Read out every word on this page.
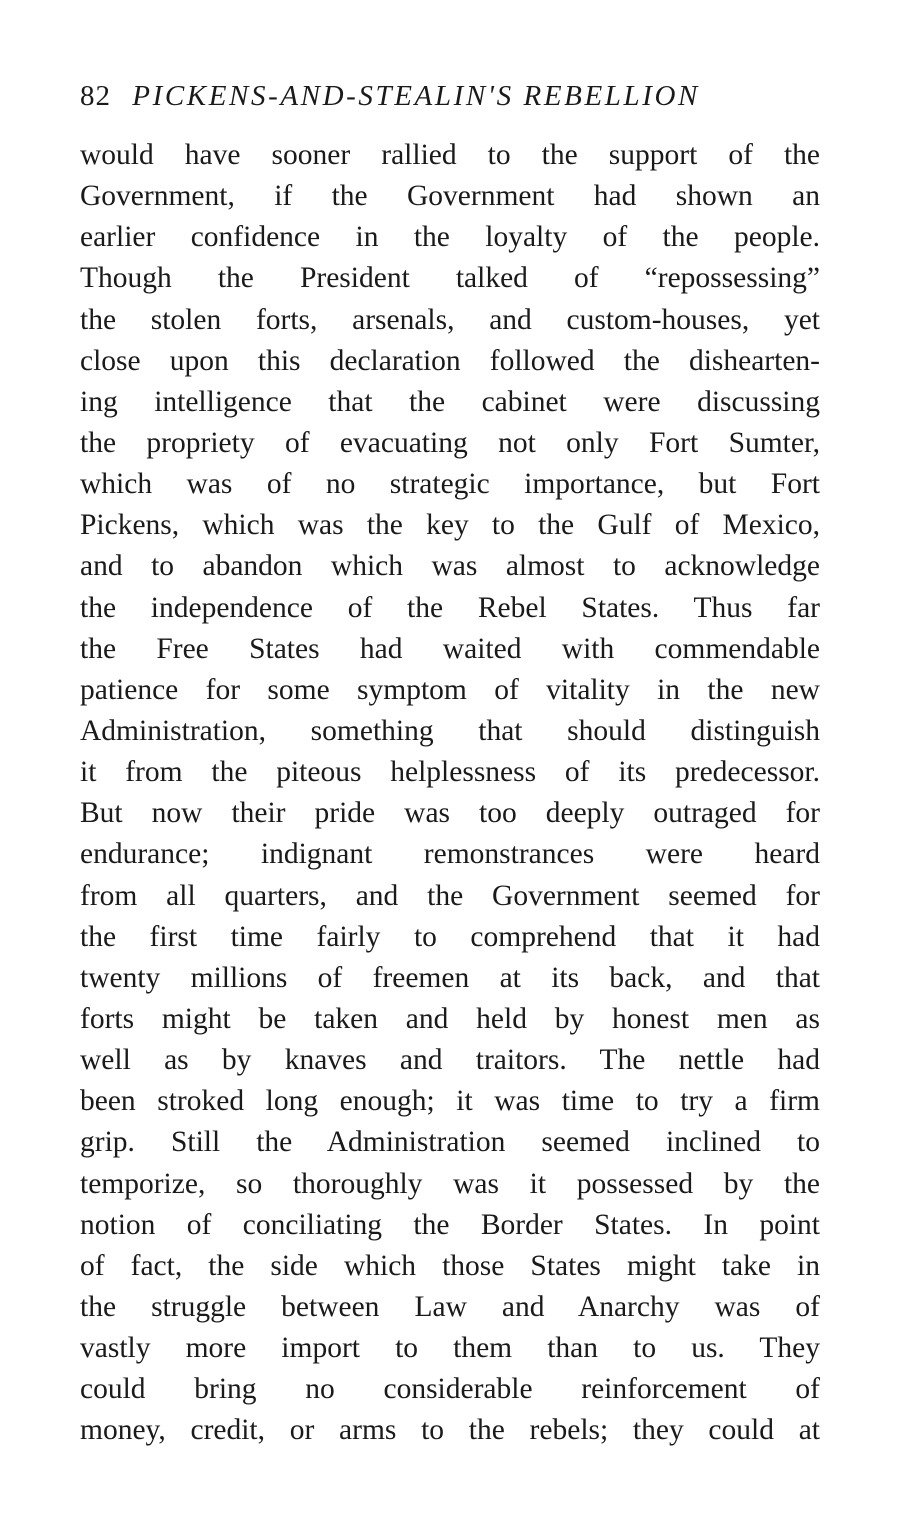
82 PICKENS-AND-STEALIN'S REBELLION
would have sooner rallied to the support of the
Government, if the Government had shown an
earlier confidence in the loyalty of the people.
Though the President talked of “repossessing”
the stolen forts, arsenals, and custom-houses, yet
close upon this declaration followed the dishearten-
ing intelligence that the cabinet were discussing
the propriety of evacuating not only Fort Sumter,
which was of no strategic importance, but Fort
Pickens, which was the key to the Gulf of Mexico,
and to abandon which was almost to acknowledge
the independence of the Rebel States. Thus far
the Free States had waited with commendable
patience for some symptom of vitality in the new
Administration, something that should distinguish
it from the piteous helplessness of its predecessor.
But now their pride was too deeply outraged for
endurance; indignant remonstrances were heard
from all quarters, and the Government seemed for
the first time fairly to comprehend that it had
twenty millions of freemen at its back, and that
forts might be taken and held by honest men as
well as by knaves and traitors. The nettle had
been stroked long enough; it was time to try a firm
grip. Still the Administration seemed inclined to
temporize, so thoroughly was it possessed by the
notion of conciliating the Border States. In point
of fact, the side which those States might take in
the struggle between Law and Anarchy was of
vastly more import to them than to us. They
could bring no considerable reinforcement of
money, credit, or arms to the rebels; they could at
